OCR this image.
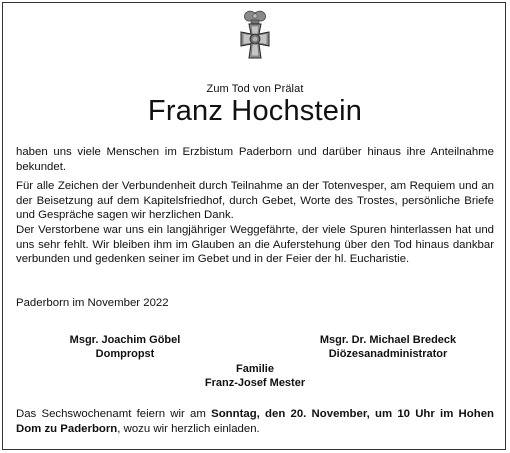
Zum Tod von Prälat
Franz Hochstein
haben uns viele Menschen im Erzbistum Paderborn und darüber hinaus ihre Anteilnahme bekundet.
Für alle Zeichen der Verbundenheit durch Teilnahme an der Totenvesper, am Requiem und an der Beisetzung auf dem Kapitelsfriedhof, durch Gebet, Worte des Trostes, persönliche Briefe und Gespräche sagen wir herzlichen Dank.
Der Verstorbene war uns ein langjähriger Weggefährte, der viele Spuren hinterlassen hat und uns sehr fehlt. Wir bleiben ihm im Glauben an die Auferstehung über den Tod hinaus dankbar verbunden und gedenken seiner im Gebet und in der Feier der hl. Eucharistie.
Paderborn im November 2022
Msgr. Joachim Göbel
Dompropst
Msgr. Dr. Michael Bredeck
Diözesanadministrator
Familie
Franz-Josef Mester
Das Sechswochenamt feiern wir am Sonntag, den 20. November, um 10 Uhr im Hohen Dom zu Paderborn, wozu wir herzlich einladen.
